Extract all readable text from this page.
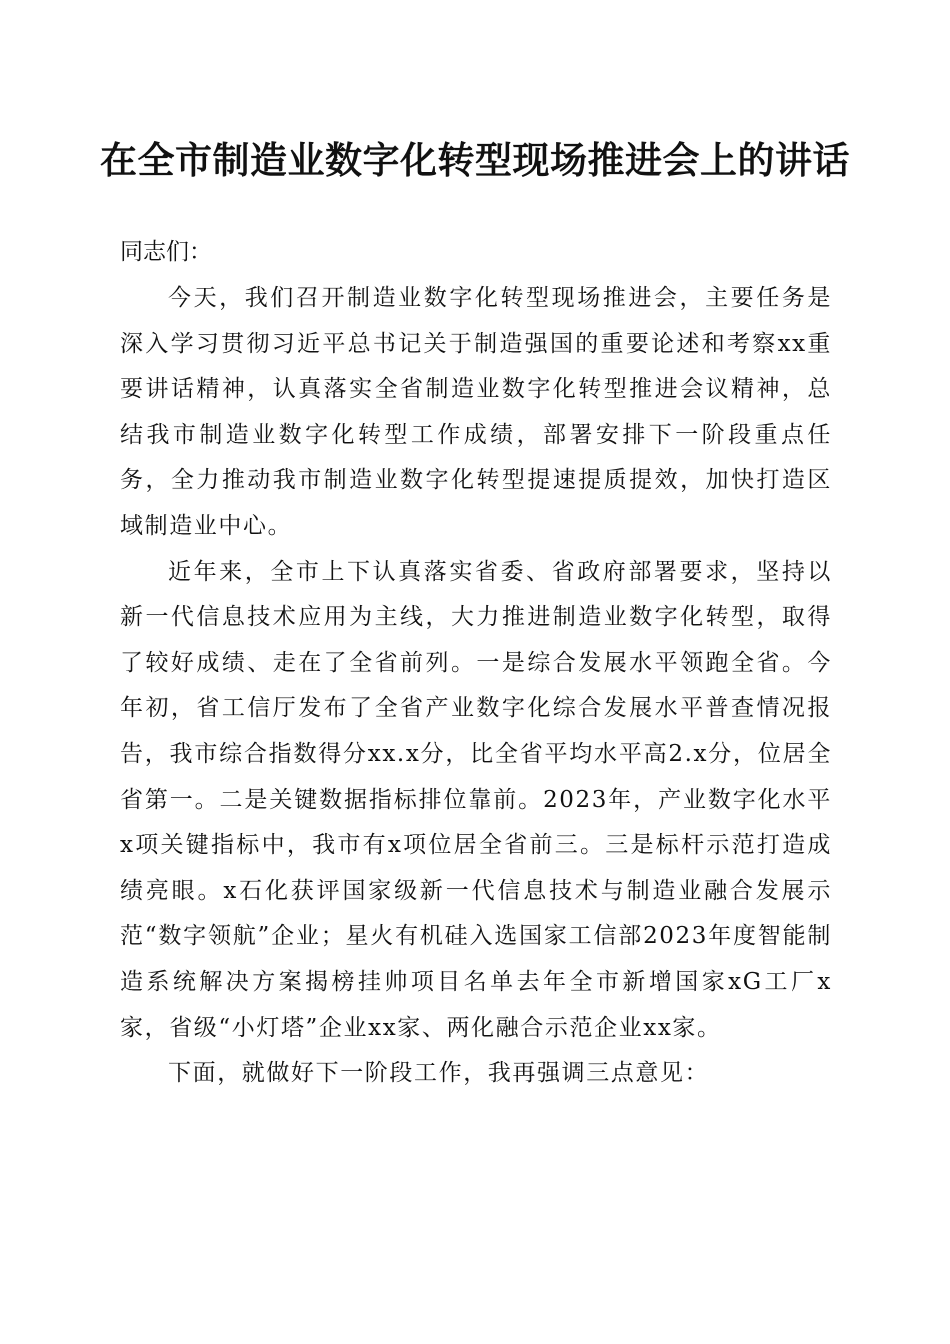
在全市制造业数字化转型现场推进会上的讲话

同志们：

今天，我们召开制造业数字化转型现场推进会，主要任务是深入学习贯彻习近平总书记关于制造强国的重要论述和考察xx重要讲话精神，认真落实全省制造业数字化转型推进会议精神，总结我市制造业数字化转型工作成绩，部署安排下一阶段重点任务，全力推动我市制造业数字化转型提速提质提效，加快打造区域制造业中心。

近年来，全市上下认真落实省委、省政府部署要求，坚持以新一代信息技术应用为主线，大力推进制造业数字化转型，取得了较好成绩、走在了全省前列。一是综合发展水平领跑全省。今年初，省工信厅发布了全省产业数字化综合发展水平普查情况报告，我市综合指数得分xx.x分，比全省平均水平高2.x分，位居全省第一。二是关键数据指标排位靠前。2023年，产业数字化水平x项关键指标中，我市有x项位居全省前三。三是标杆示范打造成绩亮眼。x石化获评国家级新一代信息技术与制造业融合发展示范“数字领航”企业；星火有机硅入选国家工信部2023年度智能制造系统解决方案揭榜挂帅项目名单去年全市新增国家xG工厂x家，省级“小灯塔”企业xx家、两化融合示范企业xx家。

下面，就做好下一阶段工作，我再强调三点意见：
